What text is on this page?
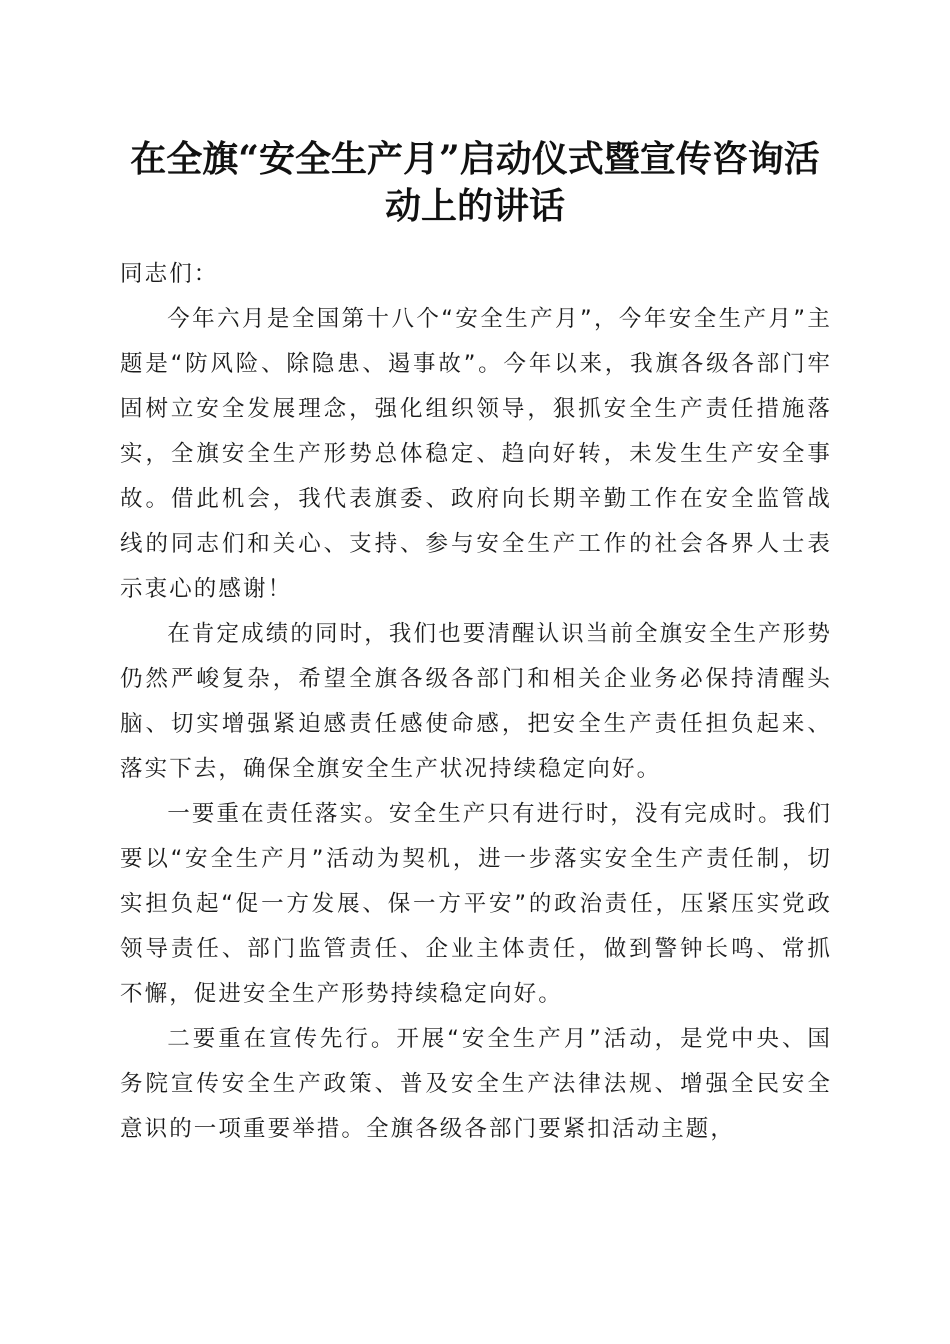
在全旗“安全生产月”启动仪式暨宣传咨询活
动上的讲话

同志们：

今年六月是全国第十八个“安全生产月”，今年安全生产月”主题是“防风险、除隐患、遏事故”。今年以来，我旗各级各部门牢固树立安全发展理念，强化组织领导，狠抓安全生产责任措施落实，全旗安全生产形势总体稳定、趋向好转，未发生生产安全事故。借此机会，我代表旗委、政府向长期辛勤工作在安全监管战线的同志们和关心、支持、参与安全生产工作的社会各界人士表示衷心的感谢！

在肯定成绩的同时，我们也要清醒认识当前全旗安全生产形势仍然严峻复杂，希望全旗各级各部门和相关企业务必保持清醒头脑、切实增强紧迫感责任感使命感，把安全生产责任担负起来、落实下去，确保全旗安全生产状况持续稳定向好。

一要重在责任落实。安全生产只有进行时，没有完成时。我们要以“安全生产月”活动为契机，进一步落实安全生产责任制，切实担负起“促一方发展、保一方平安”的政治责任，压紧压实党政领导责任、部门监管责任、企业主体责任，做到警钟长鸣、常抓不懈，促进安全生产形势持续稳定向好。

二要重在宣传先行。开展“安全生产月”活动，是党中央、国务院宣传安全生产政策、普及安全生产法律法规、增强全民安全意识的一项重要举措。全旗各级各部门要紧扣活动主题，
